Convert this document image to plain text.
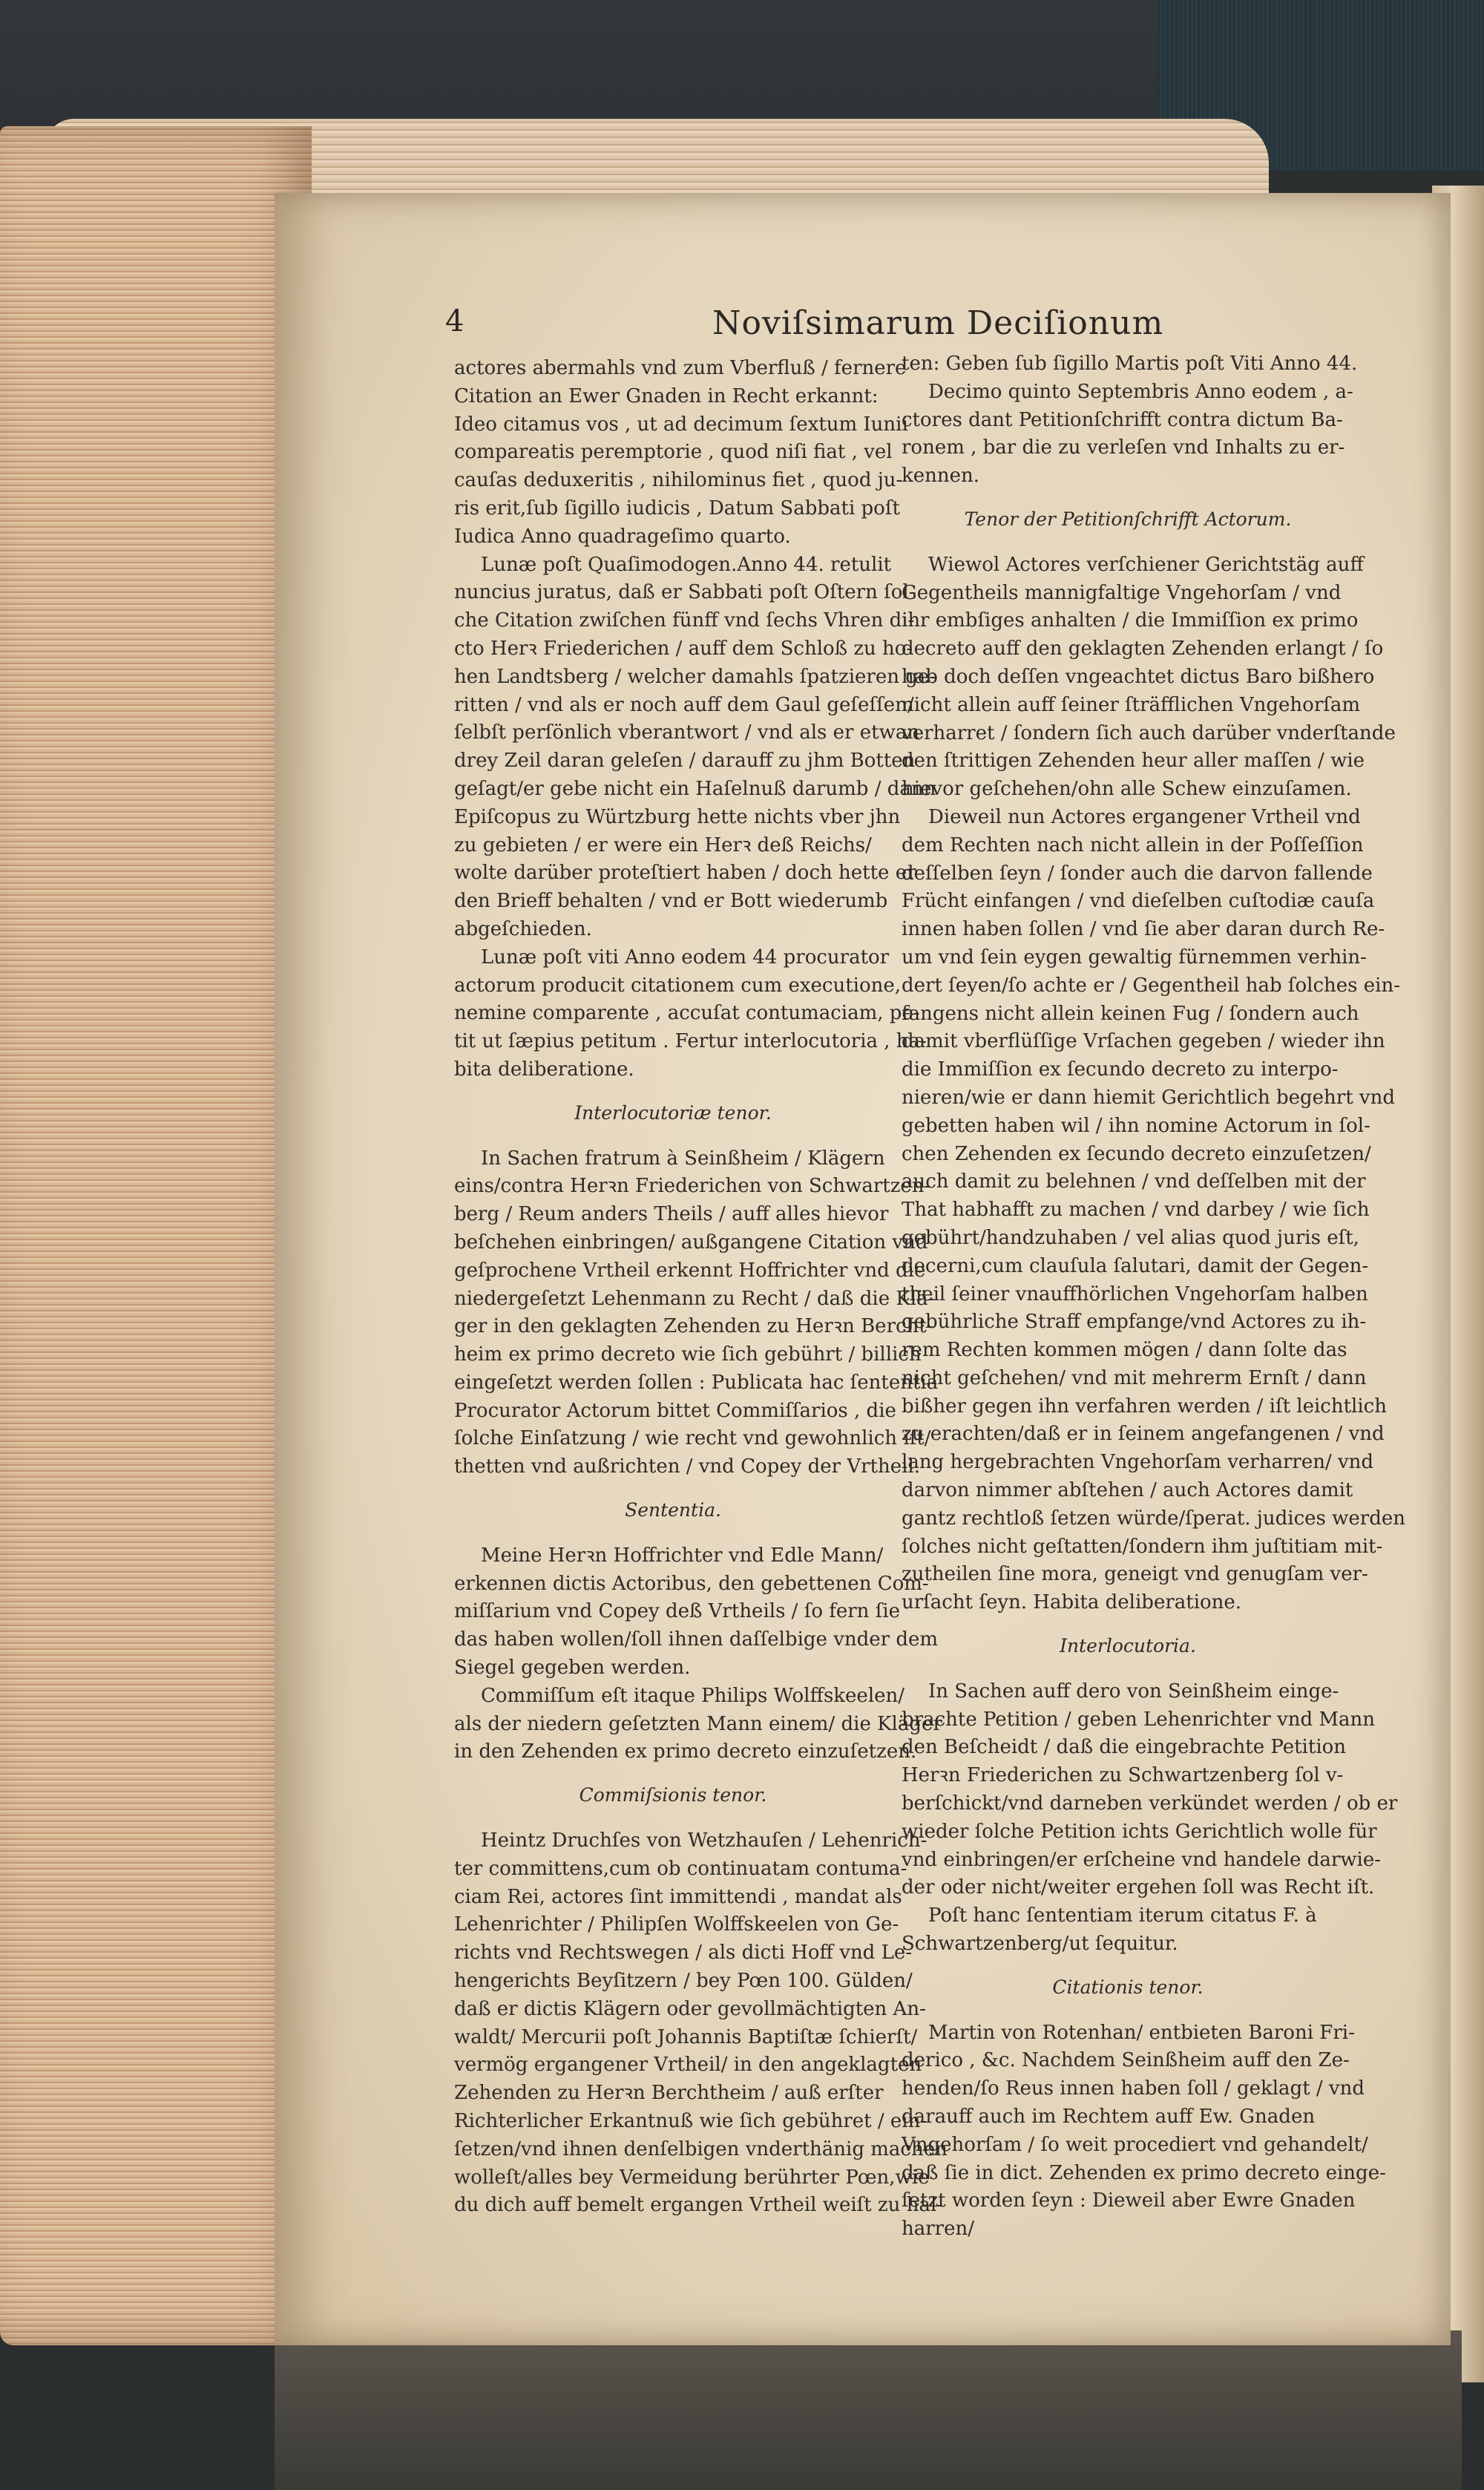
4	Noviſsimarum Deciſionum
actores abermahls vnd zum Vberfluß / fernere
Citation an Ewer Gnaden in Recht erkannt:
Ideo citamus vos , ut ad decimum ſextum Iunii
compareatis peremptorie , quod niſi fiat , vel
cauſas deduxeritis , nihilominus fiet , quod ju-
ris erit,ſub ſigillo iudicis , Datum Sabbati poſt
Iudica Anno quadrageſimo quarto.
Lunæ poſt Quaſimodogen.Anno 44. retulit
nuncius juratus, daß er Sabbati poſt Oſtern ſol-
che Citation zwiſchen fünff vnd ſechs Vhren di-
cto Herꝛ Friederichen / auff dem Schloß zu ho-
hen Landtsberg / welcher damahls ſpatzieren ge-
ritten / vnd als er noch auff dem Gaul geſeſſen/
ſelbſt perſönlich vberantwort / vnd als er etwan
drey Zeil daran geleſen / darauff zu jhm Botten
geſagt/er gebe nicht ein Haſelnuß darumb / dann
Epiſcopus zu Würtzburg hette nichts vber jhn
zu gebieten / er were ein Herꝛ deß Reichs/
wolte darüber proteſtiert haben / doch hette er
den Brieff behalten / vnd er Bott wiederumb
abgeſchieden.
Lunæ poſt viti Anno eodem 44 procurator
actorum producit citationem cum executione,
nemine comparente , accuſat contumaciam, pe-
tit ut ſæpius petitum . Fertur interlocutoria , ha-
bita deliberatione.
Interlocutoriæ tenor.
In Sachen fratrum à Seinßheim / Klägern
eins/contra Herꝛn Friederichen von Schwartzen-
berg / Reum anders Theils / auff alles hievor
beſchehen einbringen/ außgangene Citation vnd
geſprochene Vrtheil erkennt Hoffrichter vnd die
niedergeſetzt Lehenmann zu Recht / daß die Klä-
ger in den geklagten Zehenden zu Herꝛn Bercht-
heim ex primo decreto wie ſich gebührt / billich
eingeſetzt werden ſollen : Publicata hac ſententia
Procurator Actorum bittet Commiſſarios , die
ſolche Einſatzung / wie recht vnd gewohnlich iſt/
thetten vnd außrichten / vnd Copey der Vrtheil.
Sententia.
Meine Herꝛn Hoffrichter vnd Edle Mann/
erkennen dictis Actoribus, den gebettenen Com-
miſſarium vnd Copey deß Vrtheils / ſo fern ſie
das haben wollen/ſoll ihnen daſſelbige vnder dem
Siegel gegeben werden.
Commiſſum eſt itaque Philips Wolffskeelen/
als der niedern geſetzten Mann einem/ die Kläger
in den Zehenden ex primo decreto einzuſetzen.
Commiſsionis tenor.
Heintz Druchſes von Wetzhauſen / Lehenrich-
ter committens,cum ob continuatam contuma-
ciam Rei, actores ſint immittendi , mandat als
Lehenrichter / Philipſen Wolffskeelen von Ge-
richts vnd Rechtswegen / als dicti Hoff vnd Le-
hengerichts Beyſitzern / bey Pœn 100. Gülden/
daß er dictis Klägern oder gevollmächtigten An-
waldt/ Mercurii poſt Johannis Baptiſtæ ſchierſt/
vermög ergangener Vrtheil/ in den angeklagten
Zehenden zu Herꝛn Berchtheim / auß erſter
Richterlicher Erkantnuß wie ſich gebühret / ein-
ſetzen/vnd ihnen denſelbigen vnderthänig machen
wolleſt/alles bey Vermeidung berührter Pœn,wie
du dich auff bemelt ergangen Vrtheil weiſt zu hal-
ten: Geben ſub ſigillo Martis poſt Viti Anno 44.
Decimo quinto Septembris Anno eodem , a-
ctores dant Petitionſchrifft contra dictum Ba-
ronem , bar die zu verleſen vnd Inhalts zu er-
kennen.
Tenor der Petitionſchrifft Actorum.
Wiewol Actores verſchiener Gerichtstäg auff
Gegentheils mannigfaltige Vngehorſam / vnd
ihr embſiges anhalten / die Immiſſion ex primo
decreto auff den geklagten Zehenden erlangt / ſo
hab doch deſſen vngeachtet dictus Baro bißhero
nicht allein auff ſeiner ſträfflichen Vngehorſam
verharret / ſondern ſich auch darüber vnderſtande
den ſtrittigen Zehenden heur aller maſſen / wie
hievor geſchehen/ohn alle Schew einzuſamen.
Dieweil nun Actores ergangener Vrtheil vnd
dem Rechten nach nicht allein in der Poſſeſſion
deſſelben ſeyn / ſonder auch die darvon fallende
Frücht einfangen / vnd dieſelben cuſtodiæ cauſa
innen haben ſollen / vnd ſie aber daran durch Re-
um vnd ſein eygen gewaltig fürnemmen verhin-
dert ſeyen/ſo achte er / Gegentheil hab ſolches ein-
fangens nicht allein keinen Fug / ſondern auch
damit vberflüſſige Vrſachen gegeben / wieder ihn
die Immiſſion ex ſecundo decreto zu interpo-
nieren/wie er dann hiemit Gerichtlich begehrt vnd
gebetten haben wil / ihn nomine Actorum in ſol-
chen Zehenden ex ſecundo decreto einzuſetzen/
auch damit zu belehnen / vnd deſſelben mit der
That habhafft zu machen / vnd darbey / wie ſich
gebührt/handzuhaben / vel alias quod juris eſt,
decerni,cum clauſula ſalutari, damit der Gegen-
theil ſeiner vnauffhörlichen Vngehorſam halben
gebührliche Straff empfange/vnd Actores zu ih-
rem Rechten kommen mögen / dann ſolte das
nicht geſchehen/ vnd mit mehrerm Ernſt / dann
bißher gegen ihn verfahren werden / iſt leichtlich
zu erachten/daß er in ſeinem angefangenen / vnd
lang hergebrachten Vngehorſam verharren/ vnd
darvon nimmer abſtehen / auch Actores damit
gantz rechtloß ſetzen würde/ſperat. judices werden
ſolches nicht geſtatten/ſondern ihm juſtitiam mit-
zutheilen ſine mora, geneigt vnd genugſam ver-
urſacht ſeyn. Habita deliberatione.
Interlocutoria.
In Sachen auff dero von Seinßheim einge-
brachte Petition / geben Lehenrichter vnd Mann
den Beſcheidt / daß die eingebrachte Petition
Herꝛn Friederichen zu Schwartzenberg ſol v-
berſchickt/vnd darneben verkündet werden / ob er
wieder ſolche Petition ichts Gerichtlich wolle für
vnd einbringen/er erſcheine vnd handele darwie-
der oder nicht/weiter ergehen ſoll was Recht iſt.
Poſt hanc ſententiam iterum citatus F. à
Schwartzenberg/ut ſequitur.
Citationis tenor.
Martin von Rotenhan/ entbieten Baroni Fri-
derico , &c. Nachdem Seinßheim auff den Ze-
henden/ſo Reus innen haben ſoll / geklagt / vnd
darauff auch im Rechtem auff Ew. Gnaden
Vngehorſam / ſo weit procediert vnd gehandelt/
daß ſie in dict. Zehenden ex primo decreto einge-
ſetzt worden ſeyn : Dieweil aber Ewre Gnaden
harren/
